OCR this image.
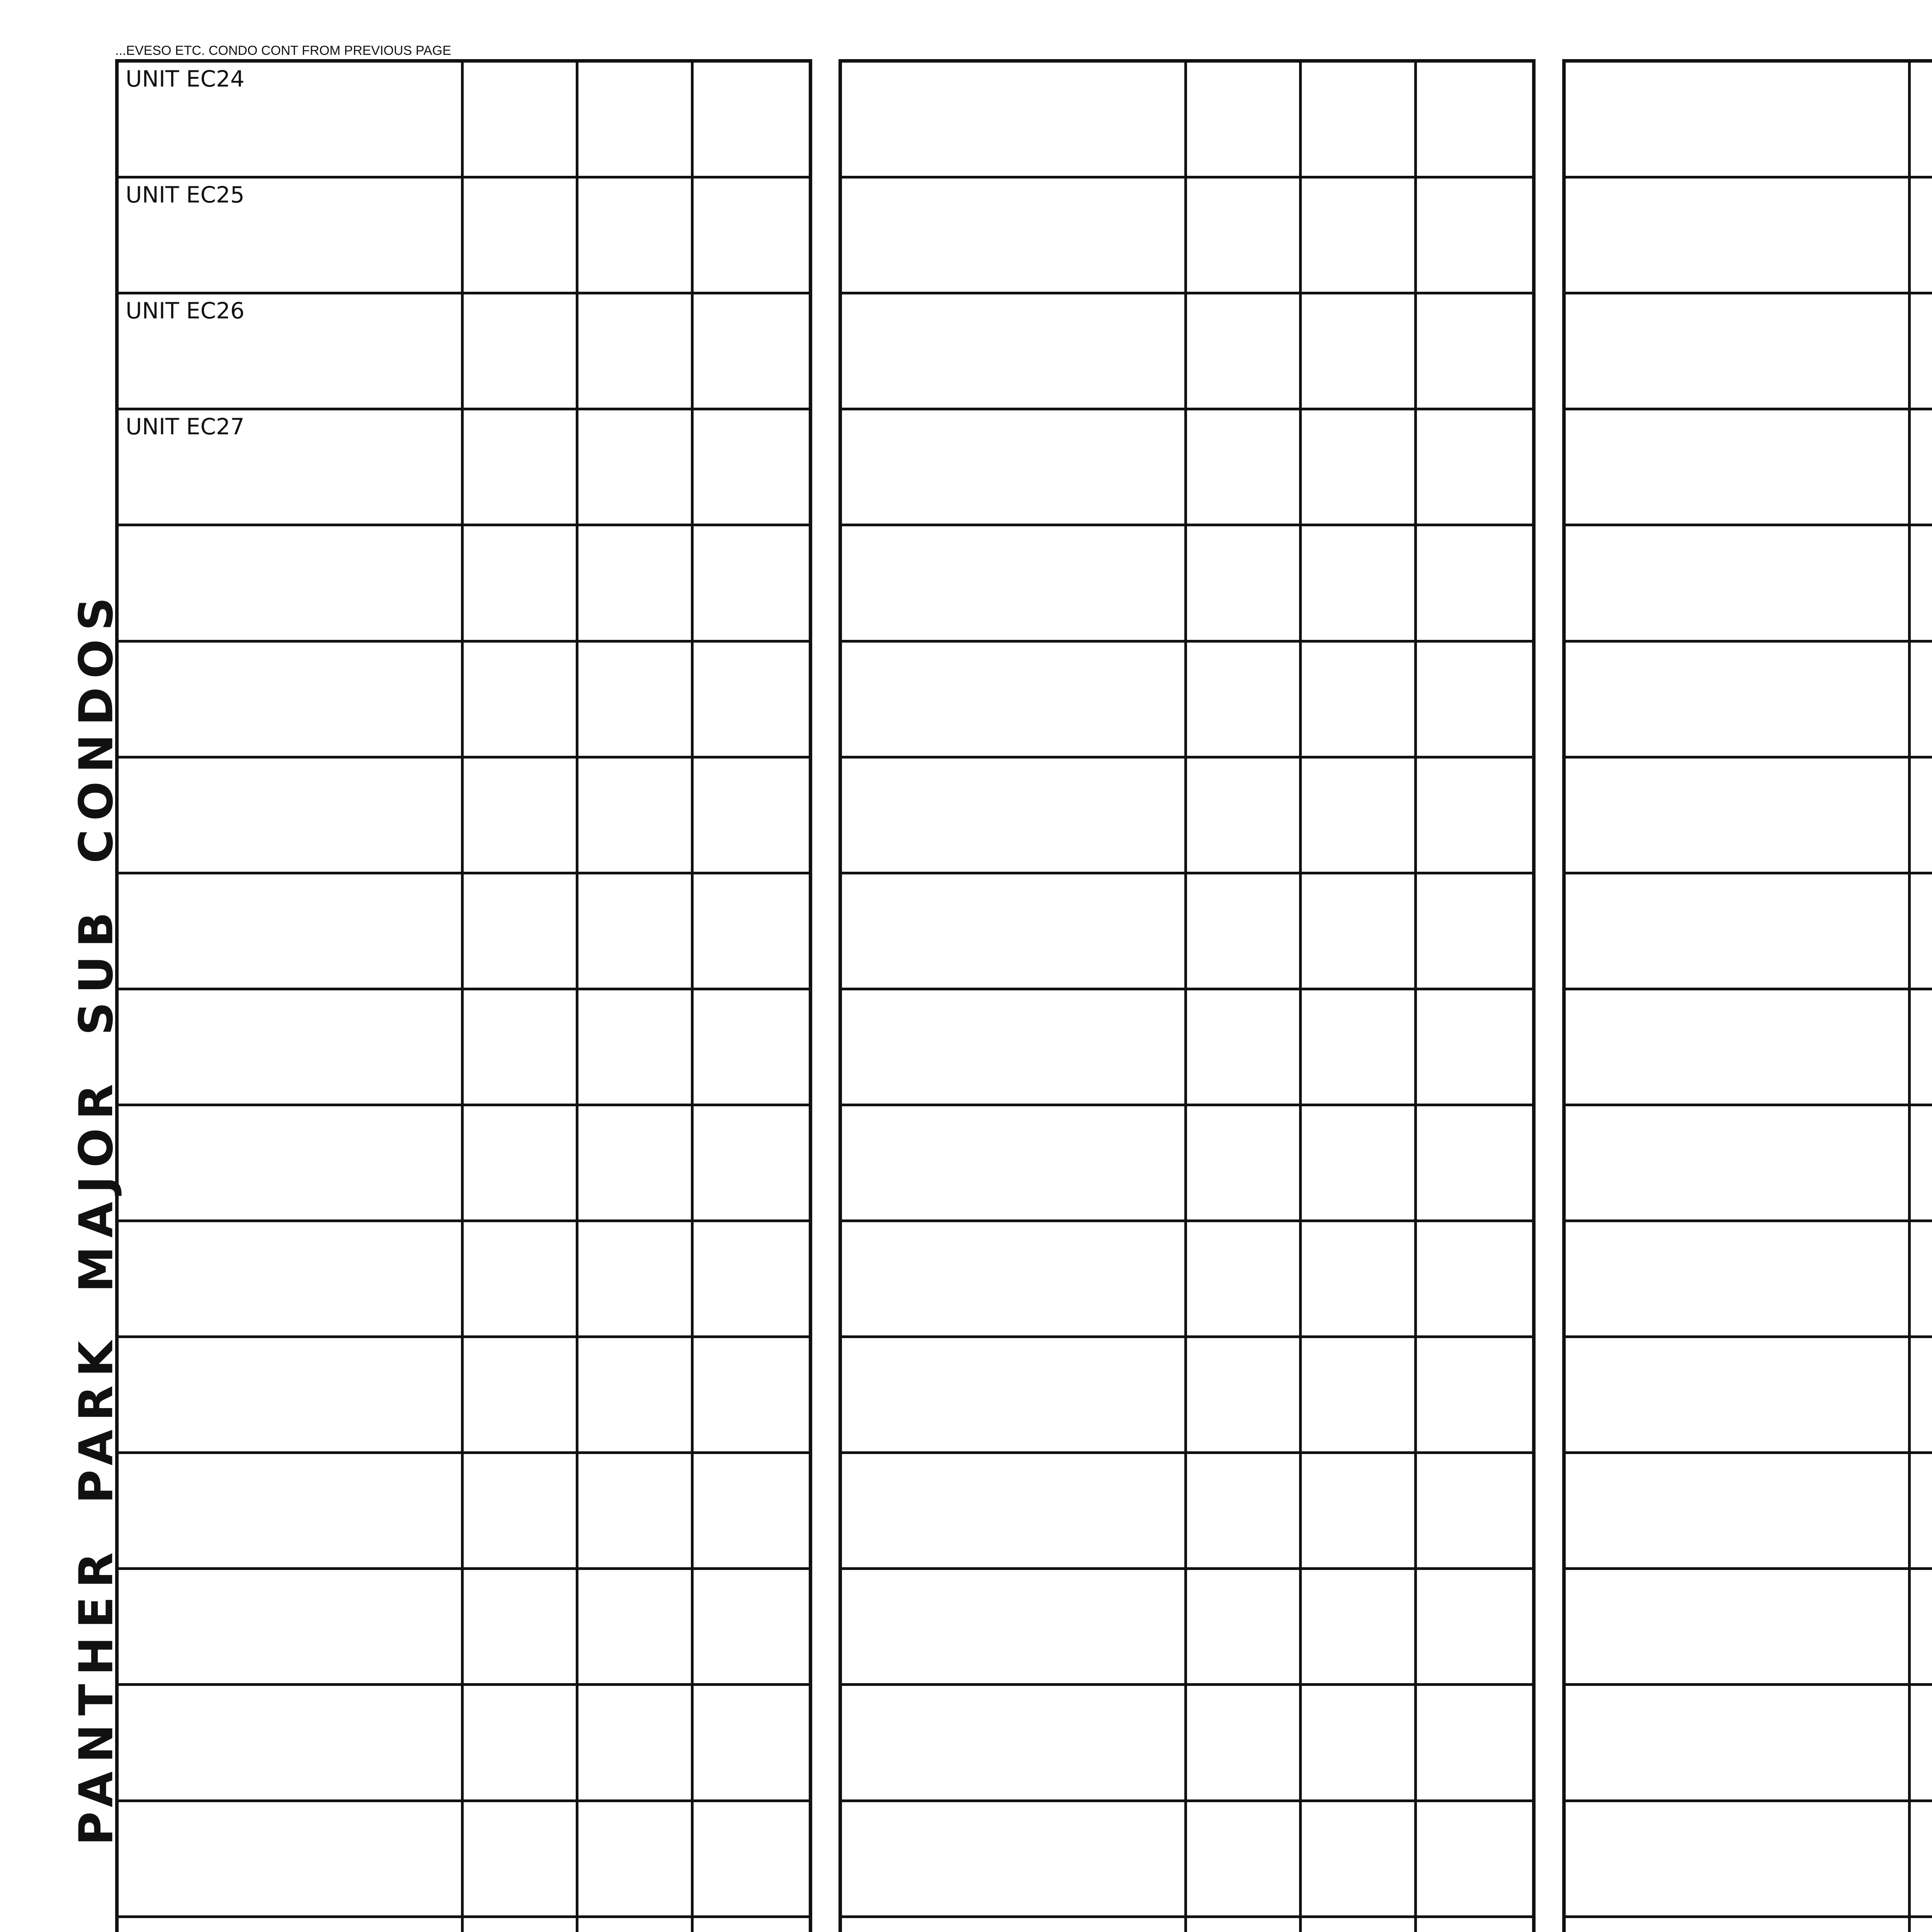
...EVESO ETC. CONDO CONT FROM PREVIOUS PAGE
PANTHER PARK MAJOR SUB CONDOS
UNIT EC24
UNIT EC25
UNIT EC26
UNIT EC27
